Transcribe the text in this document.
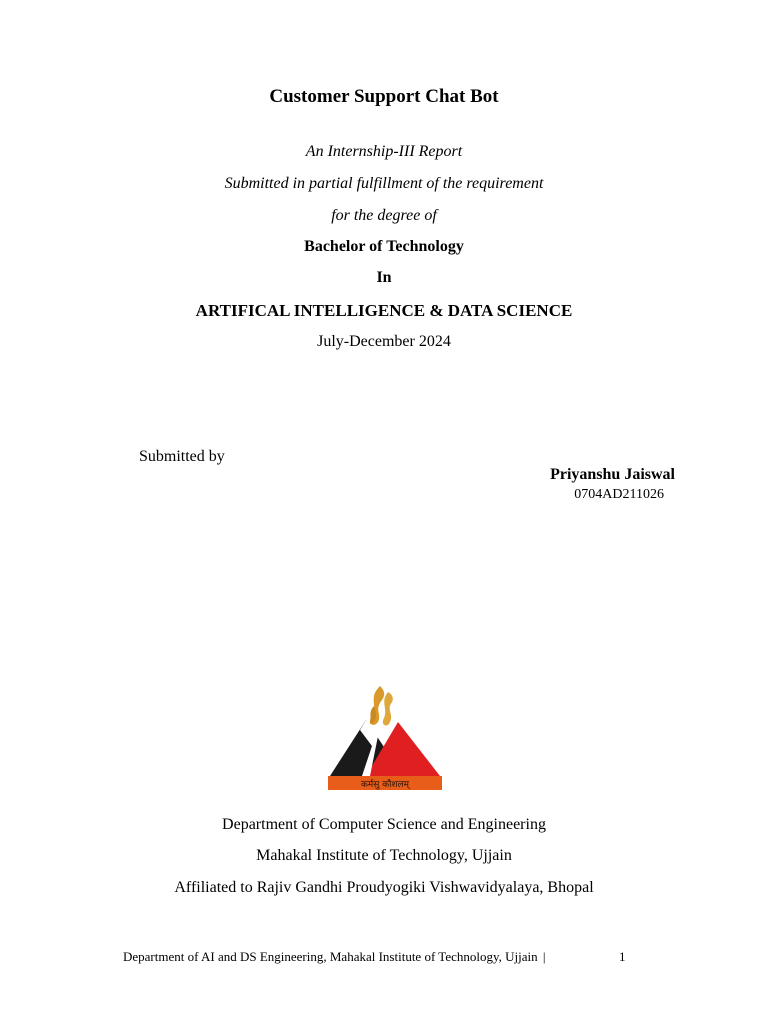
Customer Support Chat Bot
An Internship-III Report
Submitted in partial fulfillment of the requirement
for the degree of
Bachelor of Technology
In
ARTIFICAL INTELLIGENCE & DATA SCIENCE
July-December 2024
Submitted by
Priyanshu Jaiswal
0704AD211026
कर्मसु कौशलम्
Department of Computer Science and Engineering
Mahakal Institute of Technology, Ujjain
Affiliated to Rajiv Gandhi Proudyogiki Vishwavidyalaya, Bhopal
Department of AI and DS Engineering, Mahakal Institute of Technology, Ujjain |	1
